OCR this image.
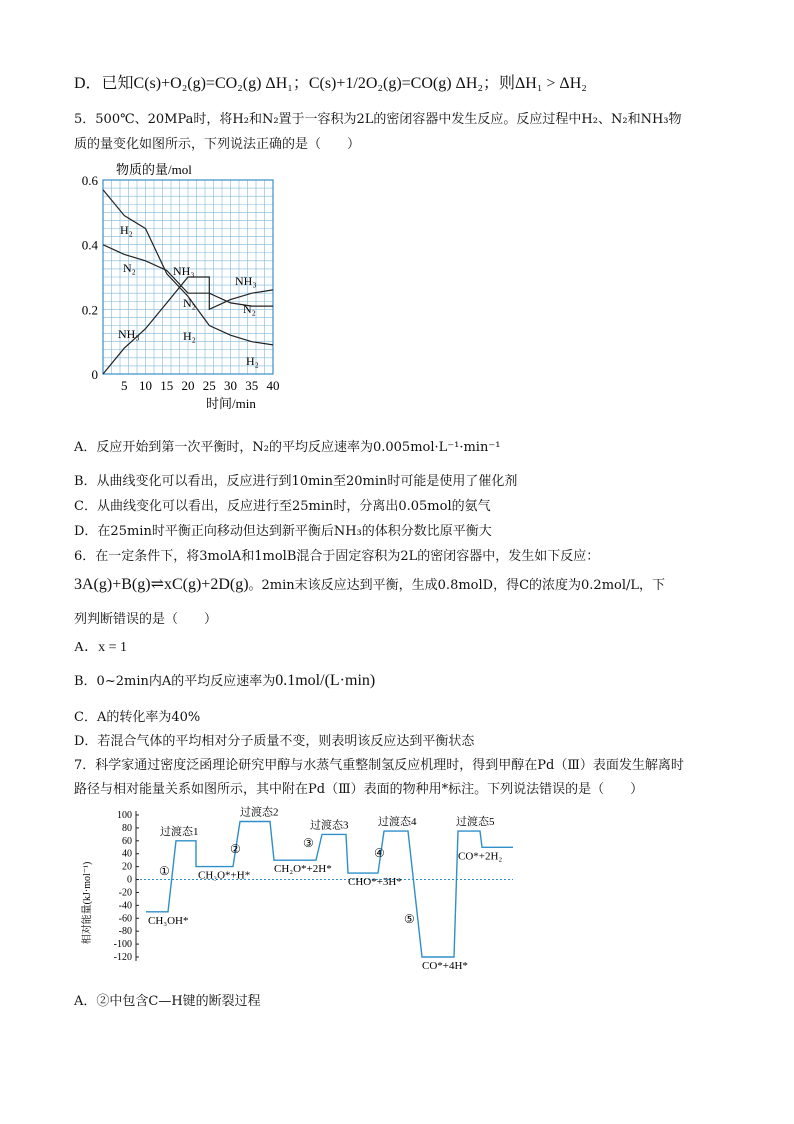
D．已知C(s)+O₂(g)=CO₂(g) ΔH₁；C(s)+1/2O₂(g)=CO(g) ΔH₂；则ΔH₁ > ΔH₂
5．500℃、20MPa时，将H₂和N₂置于一容积为2L的密闭容器中发生反应。反应过程中H₂、N₂和NH₃物
质的量变化如图所示，下列说法正确的是（　　）
5 10 15 20 25 30 35 40
0
0.2
0.4
0.6
物质的量/mol
时间/min
H₂
N₂	NH₃
NH₃
N₂	N₂
NH₃	H₂
H₂
A．反应开始到第一次平衡时，N₂的平均反应速率为0.005mol·L⁻¹·min⁻¹
B．从曲线变化可以看出，反应进行到10min至20min时可能是使用了催化剂
C．从曲线变化可以看出，反应进行至25min时，分离出0.05mol的氨气
D．在25min时平衡正向移动但达到新平衡后NH₃的体积分数比原平衡大
6．在一定条件下，将3molA和1molB混合于固定容积为2L的密闭容器中，发生如下反应：
3A(g)+B(g)⇌xC(g)+2D(g)。2min末该反应达到平衡，生成0.8molD，得C的浓度为0.2mol/L，下
列判断错误的是（　　）
A．x = 1
B．0~2min内A的平均反应速率为0.1mol/(L·min)
C．A的转化率为40%
D．若混合气体的平均相对分子质量不变，则表明该反应达到平衡状态
7．科学家通过密度泛函理论研究甲醇与水蒸气重整制氢反应机理时，得到甲醇在Pd（Ⅲ）表面发生解离时
路径与相对能量关系如图所示，其中附在Pd（Ⅲ）表面的物种用*标注。下列说法错误的是（　　）
100
80
60
40
20
0
-20
-40
-60
-80
-100
-120
CH₃OH*
过渡态1
CH₃O*+H*
过渡态2
CH₂O*+2H*
过渡态3
CHO*+3H*
过渡态4
CO*+4H*
过渡态5
CO*+2H₂
相对能量(kJ·mol⁻¹)	①
②	③
④
⑤
A．②中包含C—H键的断裂过程
